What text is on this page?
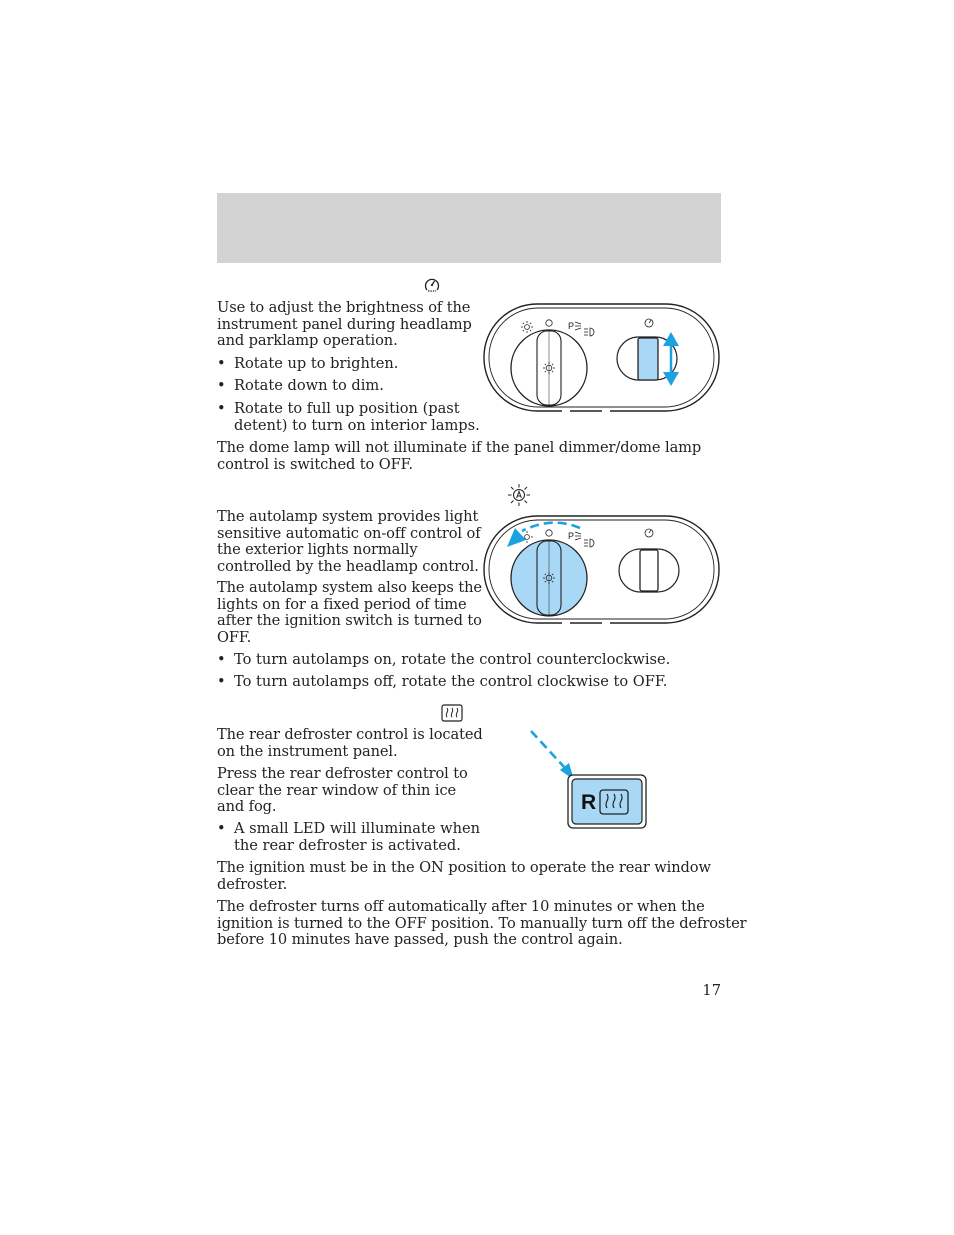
Use to adjust the brightness of the
instrument panel during headlamp
and parklamp operation.
• Rotate up to brighten.
• Rotate down to dim.
• Rotate to full up position (past
detent) to turn on interior lamps.
The dome lamp will not illuminate if the panel dimmer/dome lamp
control is switched to OFF.
P
The autolamp system provides light
sensitive automatic on-off control of
the exterior lights normally
controlled by the headlamp control.
The autolamp system also keeps the
lights on for a fixed period of time
after the ignition switch is turned to
OFF.
• To turn autolamps on, rotate the control counterclockwise.
• To turn autolamps off, rotate the control clockwise to OFF.
P
The rear defroster control is located
on the instrument panel.
Press the rear defroster control to
clear the rear window of thin ice
and fog.
• A small LED will illuminate when
the rear defroster is activated.
The ignition must be in the ON position to operate the rear window
defroster.
The defroster turns off automatically after 10 minutes or when the
ignition is turned to the OFF position. To manually turn off the defroster
before 10 minutes have passed, push the control again.
R
17
